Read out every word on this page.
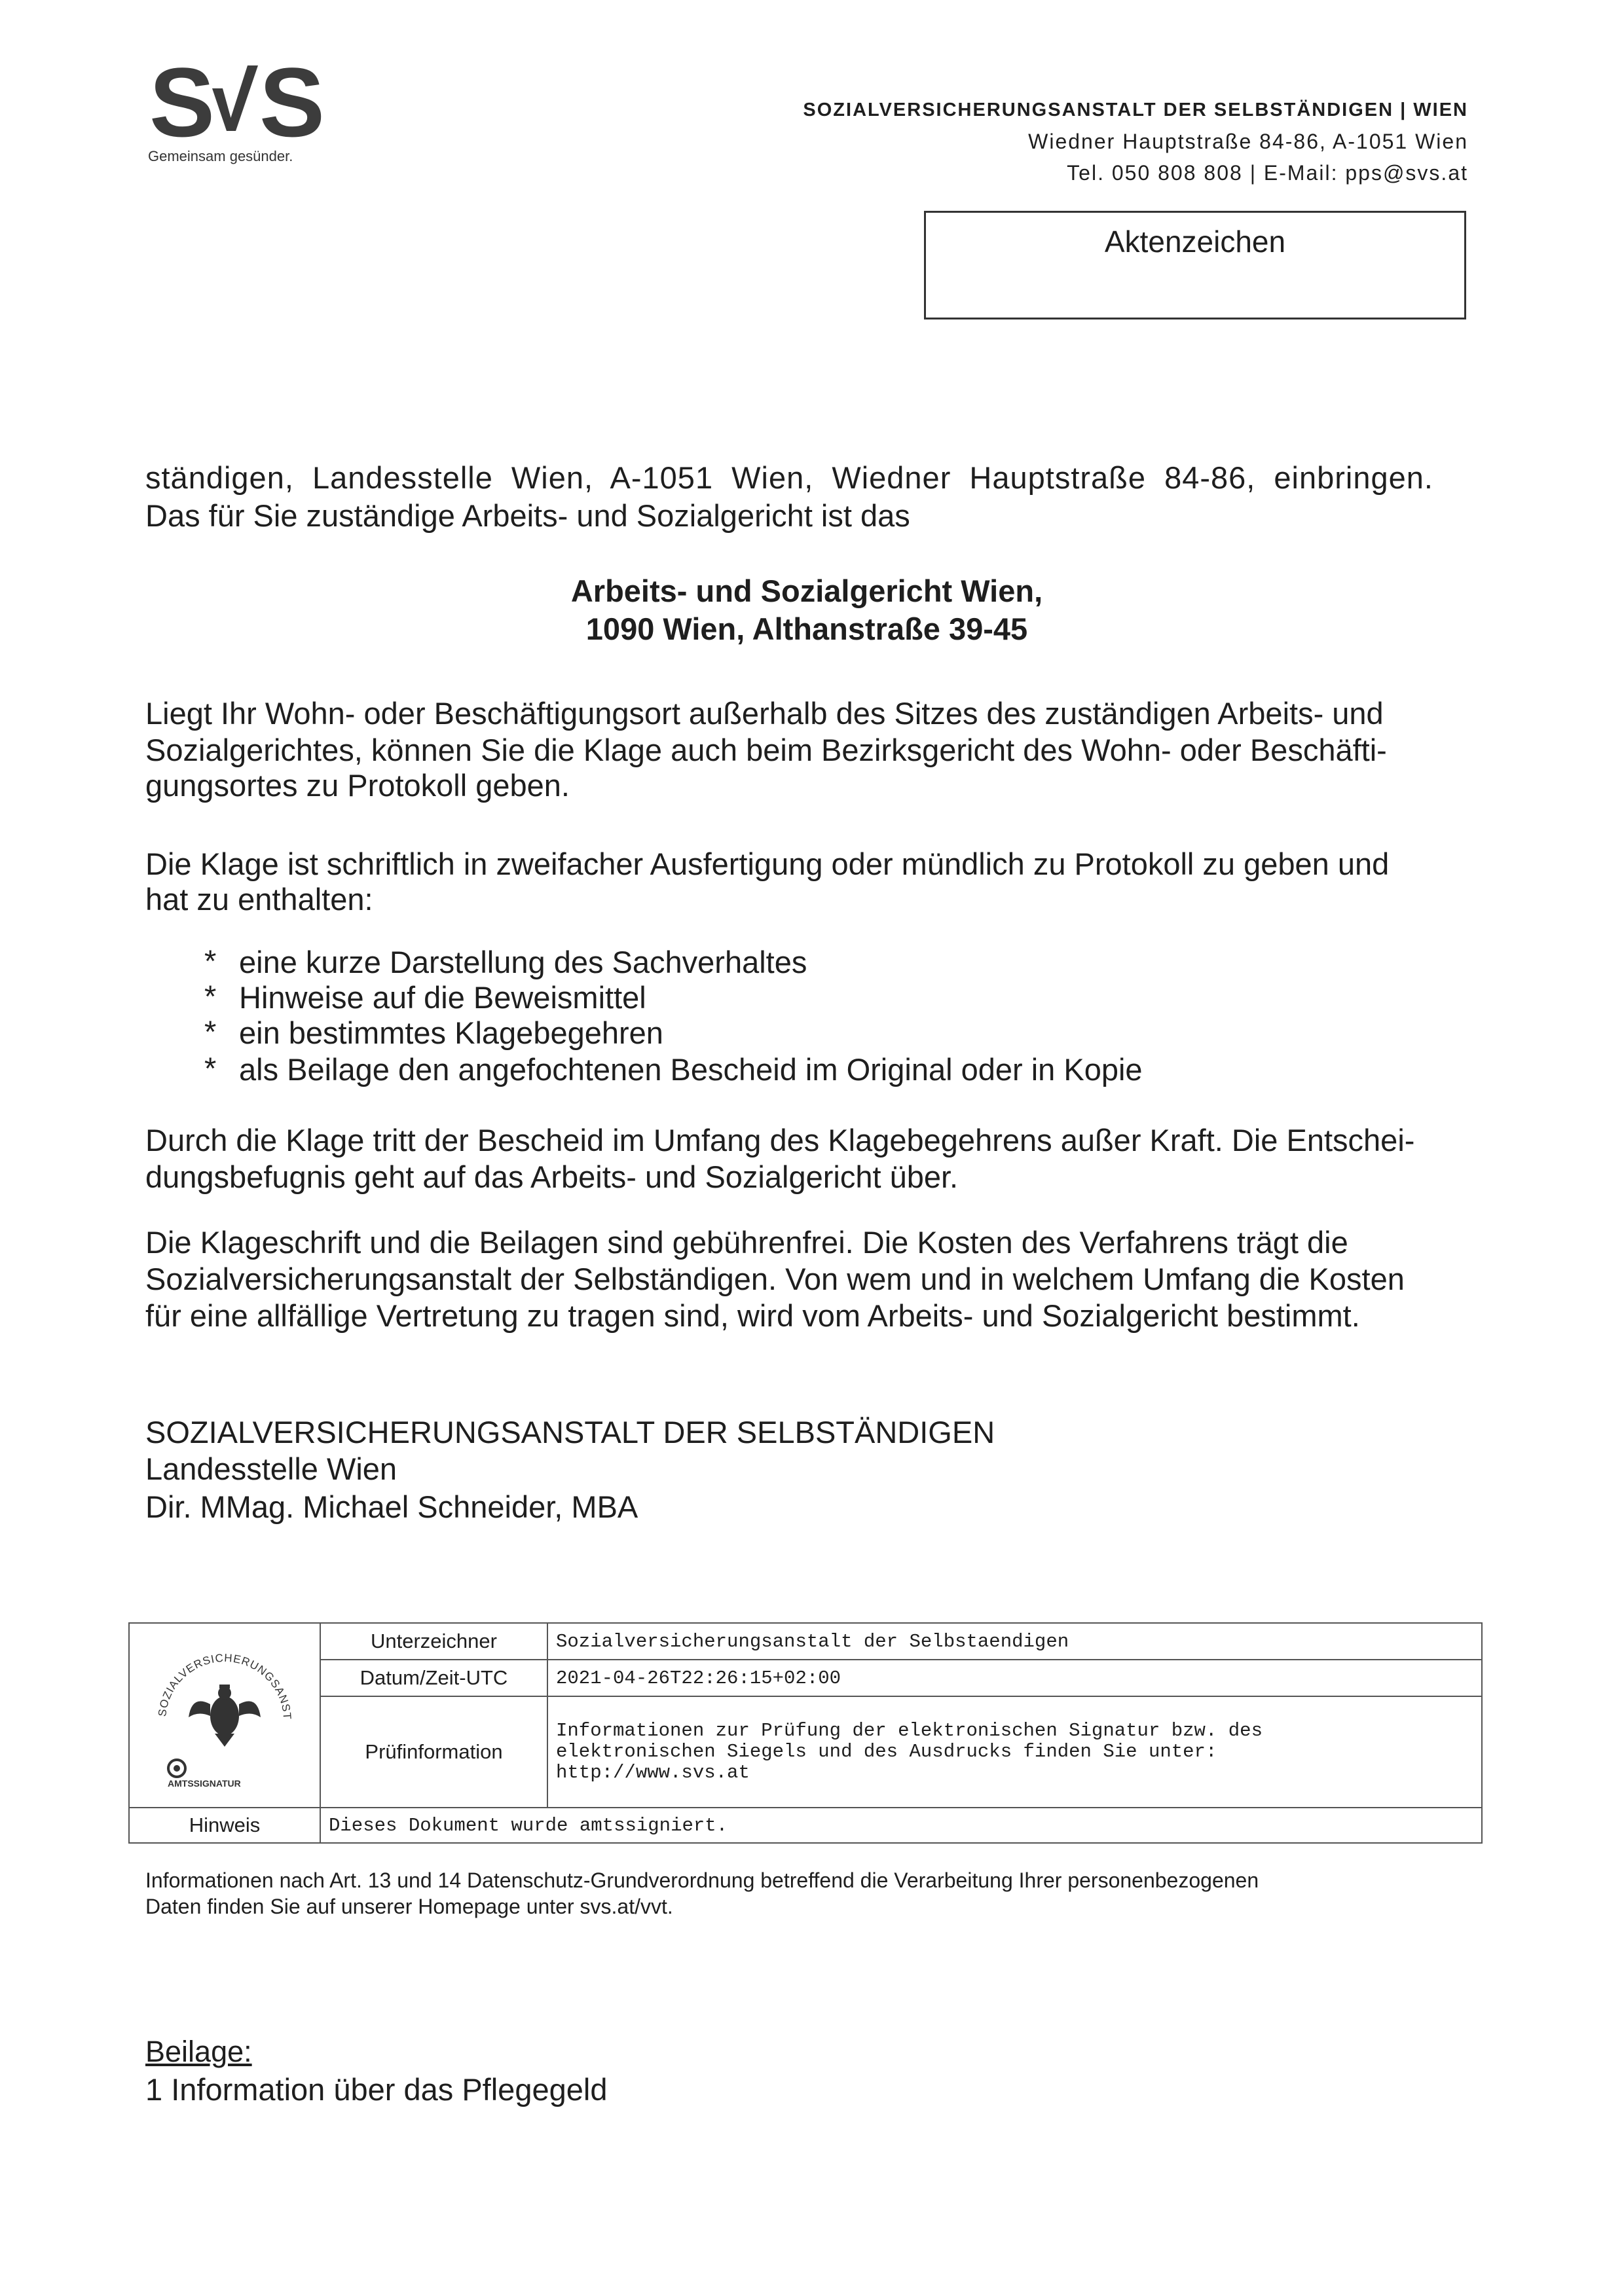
S S
Gemeinsam gesünder.
SOZIALVERSICHERUNGSANSTALT DER SELBSTÄNDIGEN | WIEN
Wiedner Hauptstraße 84-86, A-1051 Wien
Tel. 050 808 808 | E-Mail: pps@svs.at
Aktenzeichen
ständigen, Landesstelle Wien, A-1051 Wien, Wiedner Hauptstraße 84-86, einbringen.
Das für Sie zuständige Arbeits- und Sozialgericht ist das
Arbeits- und Sozialgericht Wien,
1090 Wien, Althanstraße 39-45
Liegt Ihr Wohn- oder Beschäftigungsort außerhalb des Sitzes des zuständigen Arbeits- und
Sozialgerichtes, können Sie die Klage auch beim Bezirksgericht des Wohn- oder Beschäfti-
gungsortes zu Protokoll geben.
Die Klage ist schriftlich in zweifacher Ausfertigung oder mündlich zu Protokoll zu geben und
hat zu enthalten:
* eine kurze Darstellung des Sachverhaltes
* Hinweise auf die Beweismittel
* ein bestimmtes Klagebegehren
* als Beilage den angefochtenen Bescheid im Original oder in Kopie
Durch die Klage tritt der Bescheid im Umfang des Klagebegehrens außer Kraft. Die Entschei-
dungsbefugnis geht auf das Arbeits- und Sozialgericht über.
Die Klageschrift und die Beilagen sind gebührenfrei. Die Kosten des Verfahrens trägt die
Sozialversicherungsanstalt der Selbständigen. Von wem und in welchem Umfang die Kosten
für eine allfällige Vertretung zu tragen sind, wird vom Arbeits- und Sozialgericht bestimmt.
SOZIALVERSICHERUNGSANSTALT DER SELBSTÄNDIGEN
Landesstelle Wien
Dir. MMag. Michael Schneider, MBA
SOZIALVERSICHERUNGSANST
AMTSSIGNATUR	Unterzeichner	Sozialversicherungsanstalt der Selbstaendigen
	Datum/Zeit-UTC	2021-04-26T22:26:15+02:00
	Prüfinformation	Informationen zur Prüfung der elektronischen Signatur bzw. des
elektronischen Siegels und des Ausdrucks finden Sie unter:
http://www.svs.at

Hinweis	Dieses Dokument wurde amtssigniert.	
Informationen nach Art. 13 und 14 Datenschutz-Grundverordnung betreffend die Verarbeitung Ihrer personenbezogenen
Daten finden Sie auf unserer Homepage unter svs.at/vvt.
Beilage:
1 Information über das Pflegegeld
